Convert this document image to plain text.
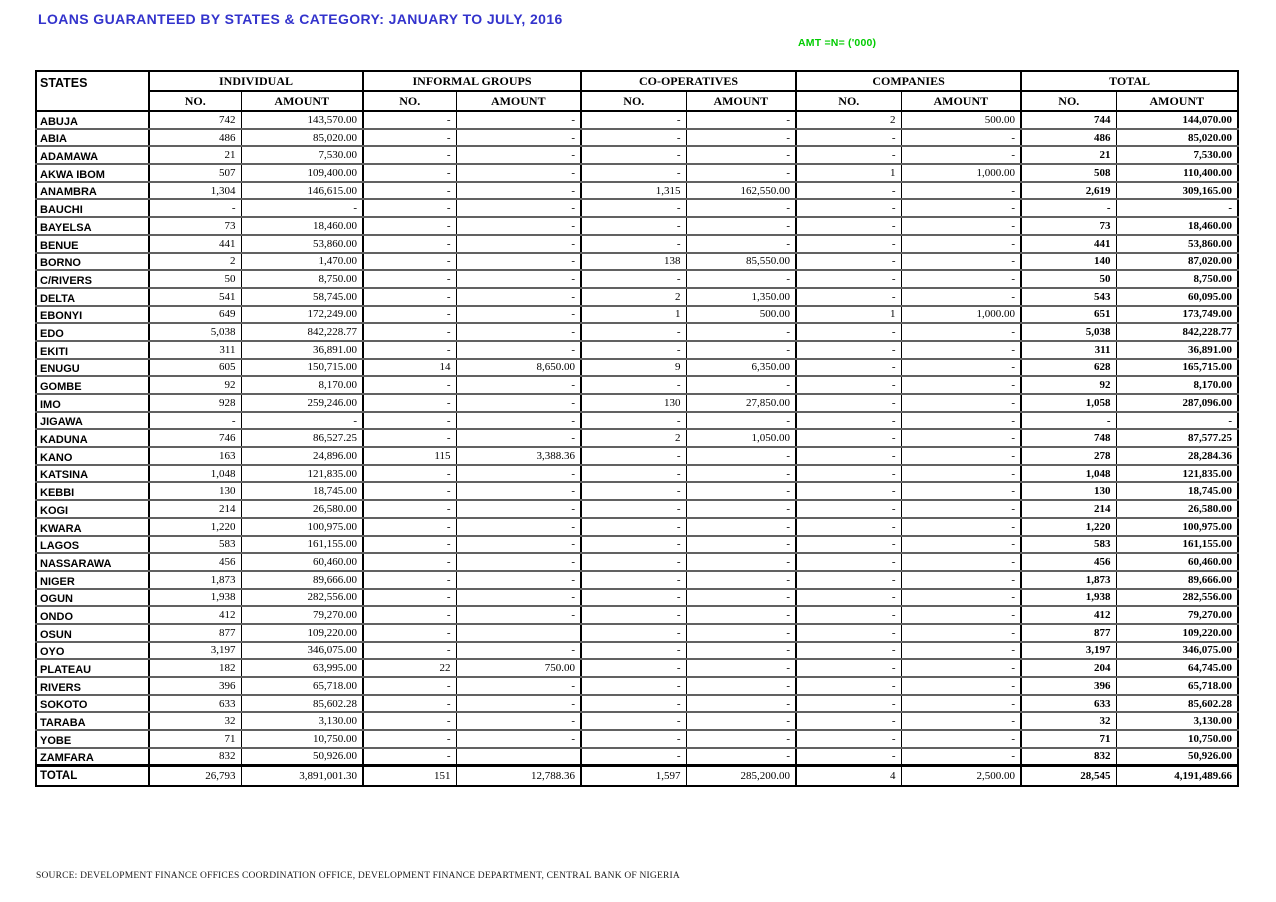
LOANS GUARANTEED BY STATES & CATEGORY: JANUARY TO JULY, 2016
AMT =N= ('000)
STATES	INDIVIDUAL		INFORMAL GROUPS		CO-OPERATIVES		COMPANIES		TOTAL	
	NO.	AMOUNT	NO.	AMOUNT	NO.	AMOUNT	NO.	AMOUNT	NO.	AMOUNT
ABUJA	742	143,570.00	-	-	-	-	2	500.00	744	144,070.00
ABIA	486	85,020.00	-	-	-	-	-	-	486	85,020.00
ADAMAWA	21	7,530.00	-	-	-	-	-	-	21	7,530.00
AKWA IBOM	507	109,400.00	-	-	-	-	1	1,000.00	508	110,400.00
ANAMBRA	1,304	146,615.00	-	-	1,315	162,550.00	-	-	2,619	309,165.00
BAUCHI	-	-	-	-	-	-	-	-	-	-
BAYELSA	73	18,460.00	-	-	-	-	-	-	73	18,460.00
BENUE	441	53,860.00	-	-	-	-	-	-	441	53,860.00
BORNO	2	1,470.00	-	-	138	85,550.00	-	-	140	87,020.00
C/RIVERS	50	8,750.00	-	-	-	-	-	-	50	8,750.00
DELTA	541	58,745.00	-	-	2	1,350.00	-	-	543	60,095.00
EBONYI	649	172,249.00	-	-	1	500.00	1	1,000.00	651	173,749.00
EDO	5,038	842,228.77	-	-	-	-	-	-	5,038	842,228.77
EKITI	311	36,891.00	-	-	-	-	-	-	311	36,891.00
ENUGU	605	150,715.00	14	8,650.00	9	6,350.00	-	-	628	165,715.00
GOMBE	92	8,170.00	-	-	-	-	-	-	92	8,170.00
IMO	928	259,246.00	-	-	130	27,850.00	-	-	1,058	287,096.00
JIGAWA	-	-	-	-	-	-	-	-	-	-
KADUNA	746	86,527.25	-	-	2	1,050.00	-	-	748	87,577.25
KANO	163	24,896.00	115	3,388.36	-	-	-	-	278	28,284.36
KATSINA	1,048	121,835.00	-	-	-	-	-	-	1,048	121,835.00
KEBBI	130	18,745.00	-	-	-	-	-	-	130	18,745.00
KOGI	214	26,580.00	-	-	-	-	-	-	214	26,580.00
KWARA	1,220	100,975.00	-	-	-	-	-	-	1,220	100,975.00
LAGOS	583	161,155.00	-	-	-	-	-	-	583	161,155.00
NASSARAWA	456	60,460.00	-	-	-	-	-	-	456	60,460.00
NIGER	1,873	89,666.00	-	-	-	-	-	-	1,873	89,666.00
OGUN	1,938	282,556.00	-	-	-	-	-	-	1,938	282,556.00
ONDO	412	79,270.00	-	-	-	-	-	-	412	79,270.00
OSUN	877	109,220.00	-		-	-	-	-	877	109,220.00
OYO	3,197	346,075.00	-	-	-	-	-	-	3,197	346,075.00
PLATEAU	182	63,995.00	22	750.00	-	-	-	-	204	64,745.00
RIVERS	396	65,718.00	-	-	-	-	-	-	396	65,718.00
SOKOTO	633	85,602.28	-	-	-	-	-	-	633	85,602.28
TARABA	32	3,130.00	-	-	-	-	-	-	32	3,130.00
YOBE	71	10,750.00	-	-	-	-	-	-	71	10,750.00
ZAMFARA	832	50,926.00	-		-	-	-	-	832	50,926.00
TOTAL	26,793	3,891,001.30	151	12,788.36	1,597	285,200.00	4	2,500.00	28,545	4,191,489.66
SOURCE: DEVELOPMENT FINANCE OFFICES COORDINATION OFFICE, DEVELOPMENT FINANCE DEPARTMENT, CENTRAL BANK OF NIGERIA
